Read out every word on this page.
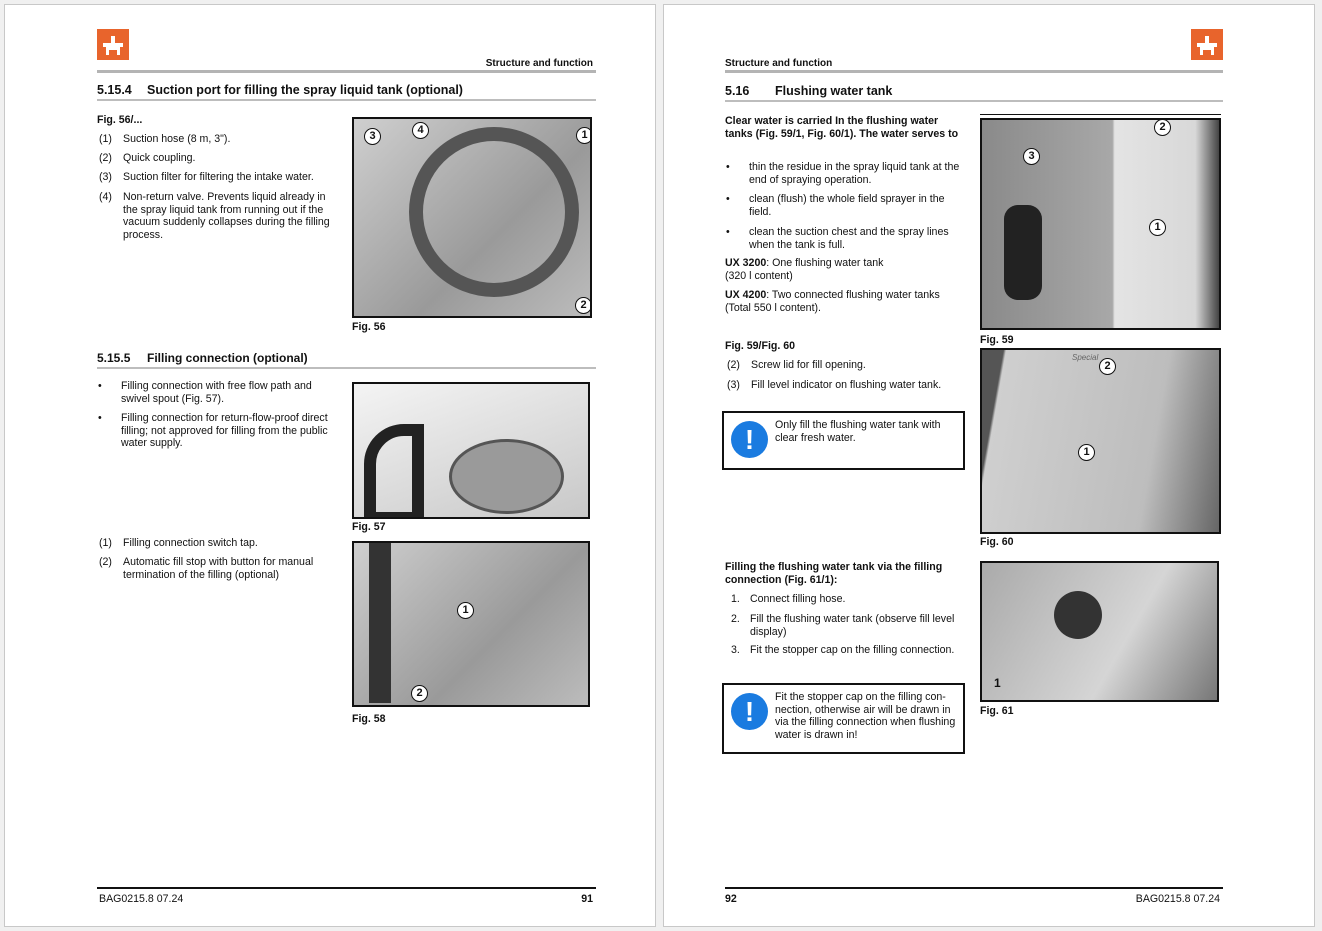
Structure and function
5.15.4 Suction port for filling the spray liquid tank (optional)
Fig. 56/...
(1)	Suction hose (8 m, 3").
(2)	Quick coupling.
(3)	Suction filter for filtering the intake water.
(4)	Non-return valve. Prevents liquid already in the spray liquid tank from running out if the vacuum suddenly collapses during the filling process.
1
2
3	4
Fig. 56
5.15.5 Filling connection (optional)
•	Filling connection with free flow path and swivel spout (Fig. 57).
•	Filling connection for return-flow-proof direct filling; not approved for filling from the public water supply.
Fig. 57
(1)	Filling connection switch tap.
(2)	Automatic fill stop with button for manual termination of the filling (optional)
1
2
Fig. 58
BAG0215.8 07.24	91
Structure and function
5.16 Flushing water tank
Clear water is carried In the flushing water tanks (Fig. 59/1, Fig. 60/1). The water serves to
•	thin the residue in the spray liquid tank at the end of spraying operation.
•	clean (flush) the whole field sprayer in the field.
•	clean the suction chest and the spray lines when the tank is full.
UX 3200: One flushing water tank (320 l content)
UX 4200: Two connected flushing water tanks (Total 550 l content).
Fig. 59/Fig. 60
(2)	Screw lid for fill opening.
(3)	Fill level indicator on flushing water tank.
!	Only fill the flushing water tank with clear fresh water.
Filling the flushing water tank via the filling connection (Fig. 61/1):
1. Connect filling hose.
2. Fill the flushing water tank (observe fill level display)
3. Fit the stopper cap on the filling connection.
!	Fit the stopper cap on the filling con-nection, otherwise air will be drawn in via the filling connection when flushing water is drawn in!
2
3
1
Fig. 59
Special
2
1
Fig. 60
1
Fig. 61
92	BAG0215.8 07.24
